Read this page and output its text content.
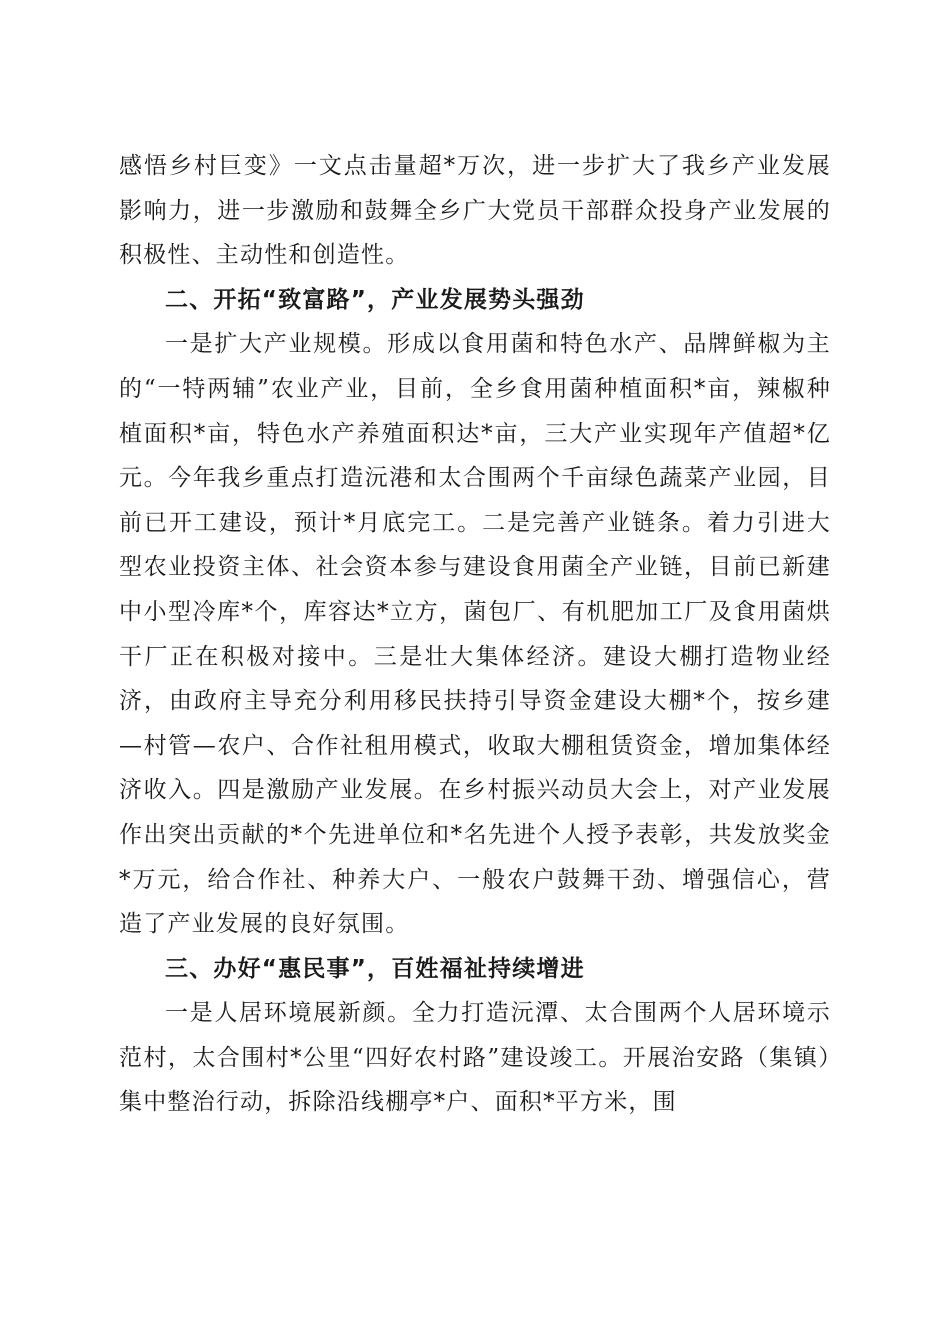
感悟乡村巨变》一文点击量超*万次，进一步扩大了我乡产业发展影响力，进一步激励和鼓舞全乡广大党员干部群众投身产业发展的积极性、主动性和创造性。

二、开拓“致富路”，产业发展势头强劲

一是扩大产业规模。形成以食用菌和特色水产、品牌鲜椒为主的“一特两辅”农业产业，目前，全乡食用菌种植面积*亩，辣椒种植面积*亩，特色水产养殖面积达*亩，三大产业实现年产值超*亿元。今年我乡重点打造沅港和太合围两个千亩绿色蔬菜产业园，目前已开工建设，预计*月底完工。二是完善产业链条。着力引进大型农业投资主体、社会资本参与建设食用菌全产业链，目前已新建中小型冷库*个，库容达*立方，菌包厂、有机肥加工厂及食用菌烘干厂正在积极对接中。三是壮大集体经济。建设大棚打造物业经济，由政府主导充分利用移民扶持引导资金建设大棚*个，按乡建—村管—农户、合作社租用模式，收取大棚租赁资金，增加集体经济收入。四是激励产业发展。在乡村振兴动员大会上，对产业发展作出突出贡献的*个先进单位和*名先进个人授予表彰，共发放奖金*万元，给合作社、种养大户、一般农户鼓舞干劲、增强信心，营造了产业发展的良好氛围。

三、办好“惠民事”，百姓福祉持续增进

一是人居环境展新颜。全力打造沅潭、太合围两个人居环境示范村，太合围村*公里“四好农村路”建设竣工。开展治安路（集镇）集中整治行动，拆除沿线棚亭*户、面积*平方米，围
